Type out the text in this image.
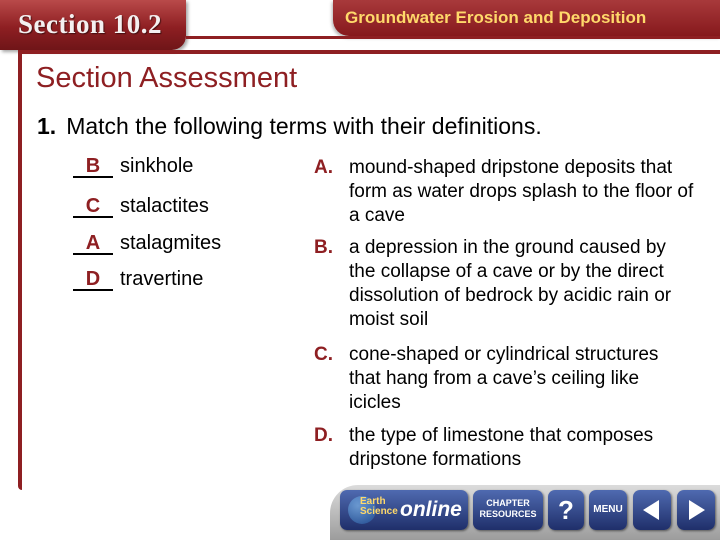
Section 10.2	Groundwater Erosion and Deposition
Section Assessment
1. Match the following terms with their definitions.
B sinkhole
C stalactites
A stalagmites
D travertine
A. mound-shaped dripstone deposits that form as water drops splash to the floor of a cave
B. a depression in the ground caused by the collapse of a cave or by the direct dissolution of bedrock by acidic rain or moist soil
C. cone-shaped or cylindrical structures that hang from a cave’s ceiling like icicles
D. the type of limestone that composes dripstone formations
Earth
Science online	CHAPTER
RESOURCES ?	MENU
